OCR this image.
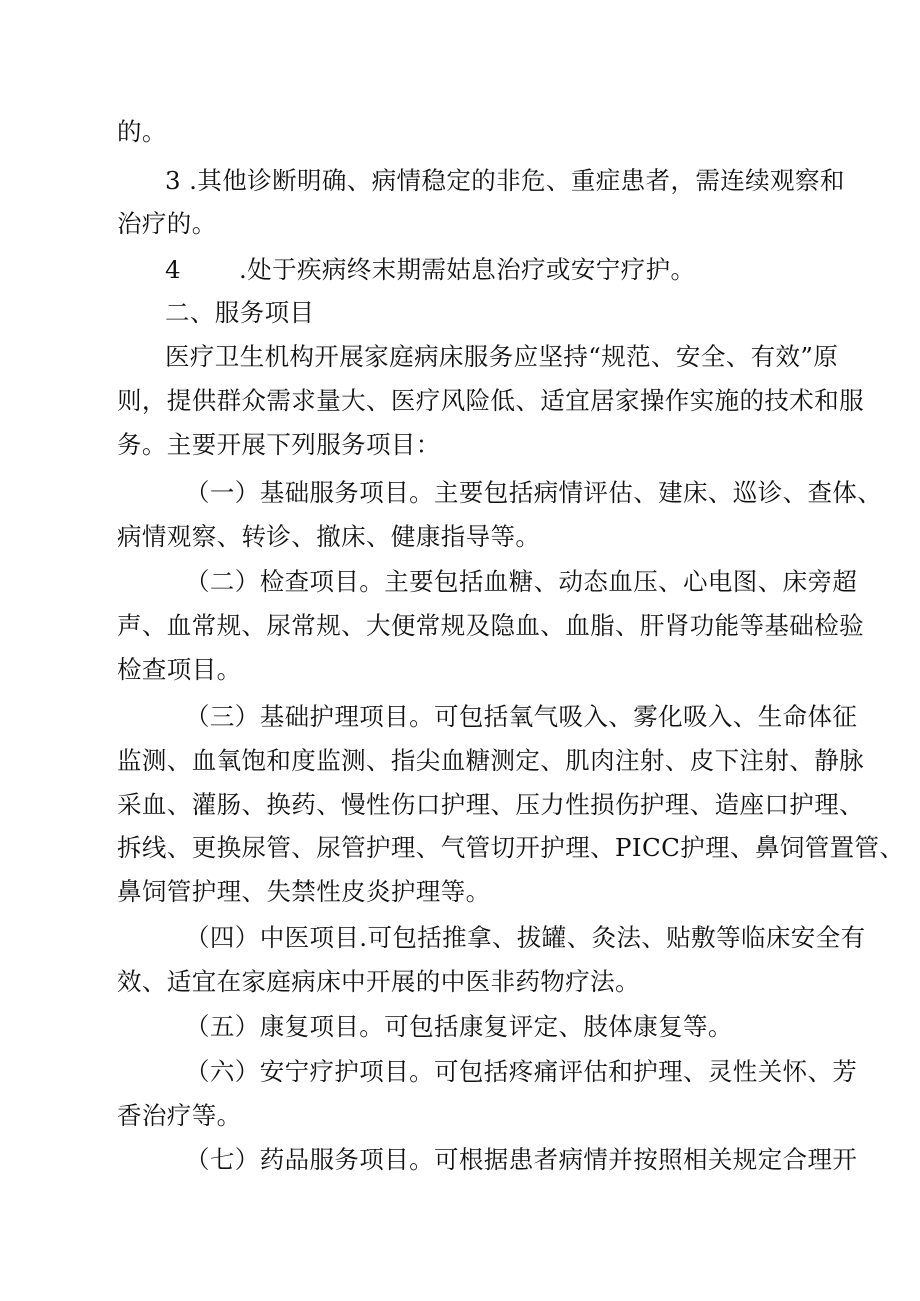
的。
3 .其他诊断明确、病情稳定的非危、重症患者，需连续观察和
治疗的。
4 .处于疾病终末期需姑息治疗或安宁疗护。
二、服务项目
医疗卫生机构开展家庭病床服务应坚持“规范、安全、有效”原
则，提供群众需求量大、医疗风险低、适宜居家操作实施的技术和服
务。主要开展下列服务项目：
（一）基础服务项目。主要包括病情评估、建床、巡诊、查体、
病情观察、转诊、撤床、健康指导等。
（二）检查项目。主要包括血糖、动态血压、心电图、床旁超
声、血常规、尿常规、大便常规及隐血、血脂、肝肾功能等基础检验
检查项目。
（三）基础护理项目。可包括氧气吸入、雾化吸入、生命体征
监测、血氧饱和度监测、指尖血糖测定、肌肉注射、皮下注射、静脉
采血、灌肠、换药、慢性伤口护理、压力性损伤护理、造座口护理、
拆线、更换尿管、尿管护理、气管切开护理、PICC护理、鼻饲管置管、
鼻饲管护理、失禁性皮炎护理等。
（四）中医项目.可包括推拿、拔罐、灸法、贴敷等临床安全有
效、适宜在家庭病床中开展的中医非药物疗法。
（五）康复项目。可包括康复评定、肢体康复等。
（六）安宁疗护项目。可包括疼痛评估和护理、灵性关怀、芳
香治疗等。
（七）药品服务项目。可根据患者病情并按照相关规定合理开
